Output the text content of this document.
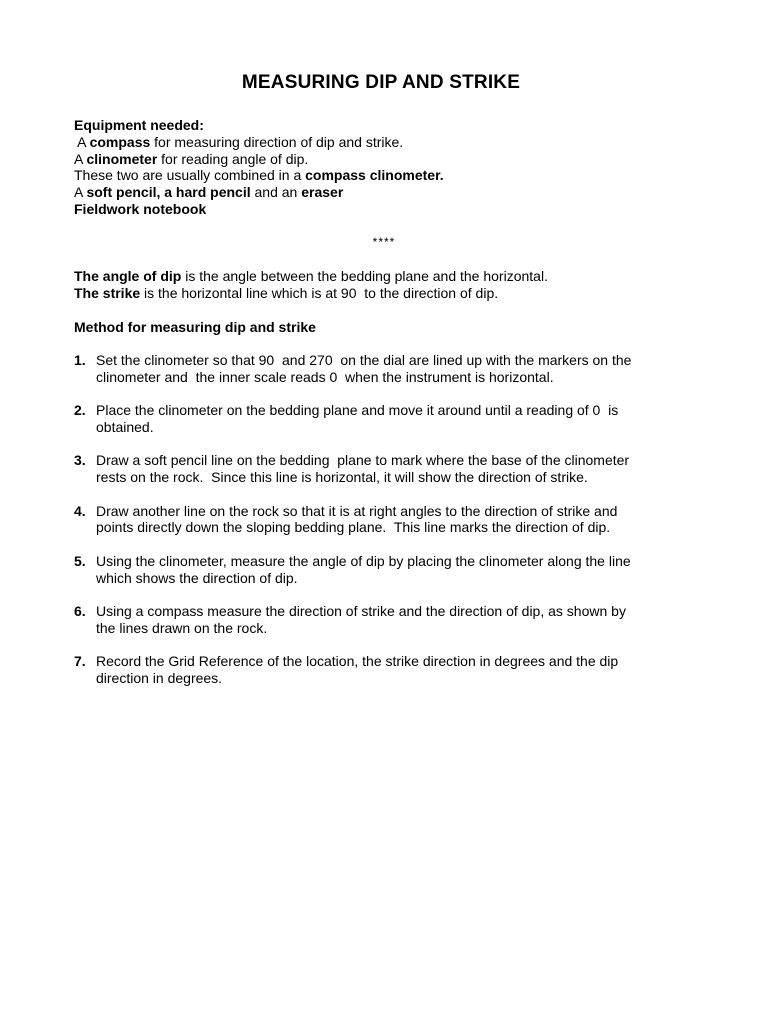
MEASURING DIP AND STRIKE
Equipment needed:
A compass for measuring direction of dip and strike.
A clinometer for reading angle of dip.
These two are usually combined in a compass clinometer.
A soft pencil, a hard pencil and an eraser
Fieldwork notebook
****
The angle of dip is the angle between the bedding plane and the horizontal.
The strike is the horizontal line which is at 90  to the direction of dip.
Method for measuring dip and strike
1. Set the clinometer so that 90  and 270  on the dial are lined up with the markers on the
clinometer and  the inner scale reads 0  when the instrument is horizontal.
2. Place the clinometer on the bedding plane and move it around until a reading of 0  is
obtained.
3. Draw a soft pencil line on the bedding  plane to mark where the base of the clinometer
rests on the rock.  Since this line is horizontal, it will show the direction of strike.
4. Draw another line on the rock so that it is at right angles to the direction of strike and
points directly down the sloping bedding plane.  This line marks the direction of dip.
5. Using the clinometer, measure the angle of dip by placing the clinometer along the line
which shows the direction of dip.
6. Using a compass measure the direction of strike and the direction of dip, as shown by
the lines drawn on the rock.
7. Record the Grid Reference of the location, the strike direction in degrees and the dip
direction in degrees.
